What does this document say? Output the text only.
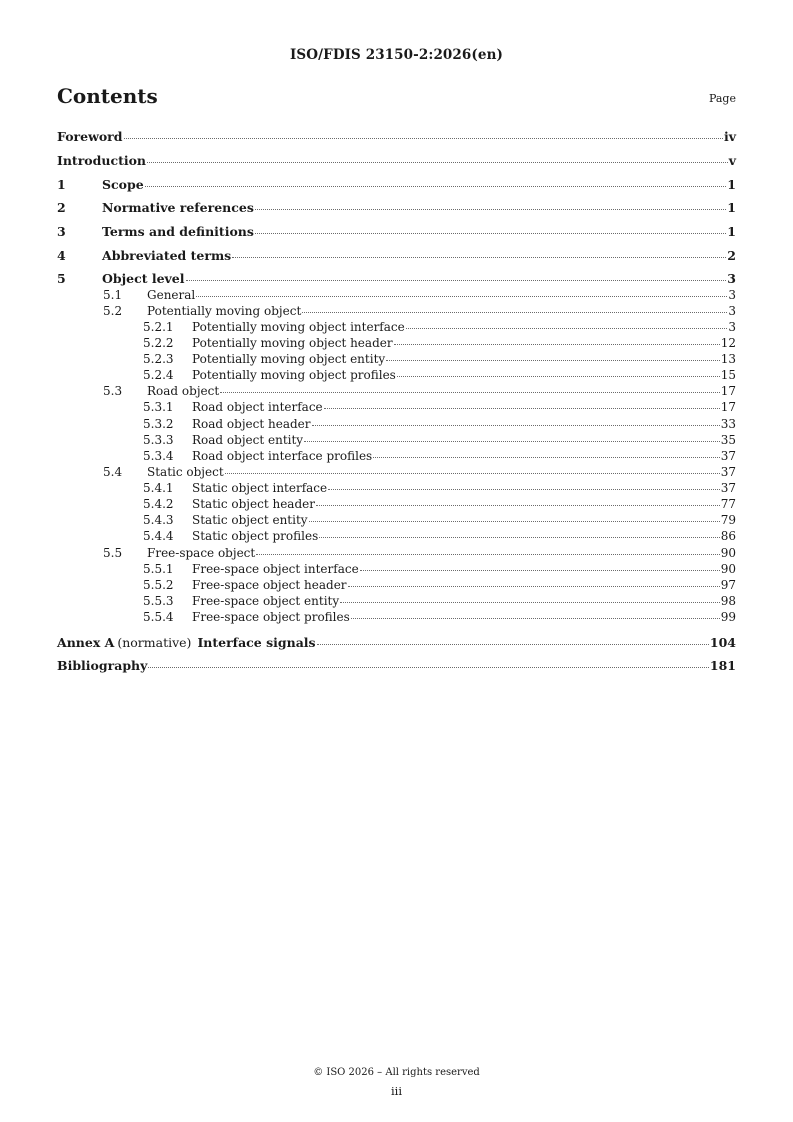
ISO/FDIS 23150-2:2026(en)
Contents	Page
Foreword	iv
Introduction	v
1	Scope	1
2	Normative references	1
3	Terms and definitions	1
4	Abbreviated terms	2
5	Object level	3
5.1	General	3
5.2	Potentially moving object	3
5.2.1	Potentially moving object interface	3
5.2.2	Potentially moving object header	12
5.2.3	Potentially moving object entity	13
5.2.4	Potentially moving object profiles	15
5.3	Road object	17
5.3.1	Road object interface	17
5.3.2	Road object header	33
5.3.3	Road object entity	35
5.3.4	Road object interface profiles	37
5.4	Static object	37
5.4.1	Static object interface	37
5.4.2	Static object header	77
5.4.3	Static object entity	79
5.4.4	Static object profiles	86
5.5	Free-space object	90
5.5.1	Free-space object interface	90
5.5.2	Free-space object header	97
5.5.3	Free-space object entity	98
5.5.4	Free-space object profiles	99
Annex A (normative) Interface signals	104
Bibliography	181
© ISO 2026 – All rights reserved
iii
